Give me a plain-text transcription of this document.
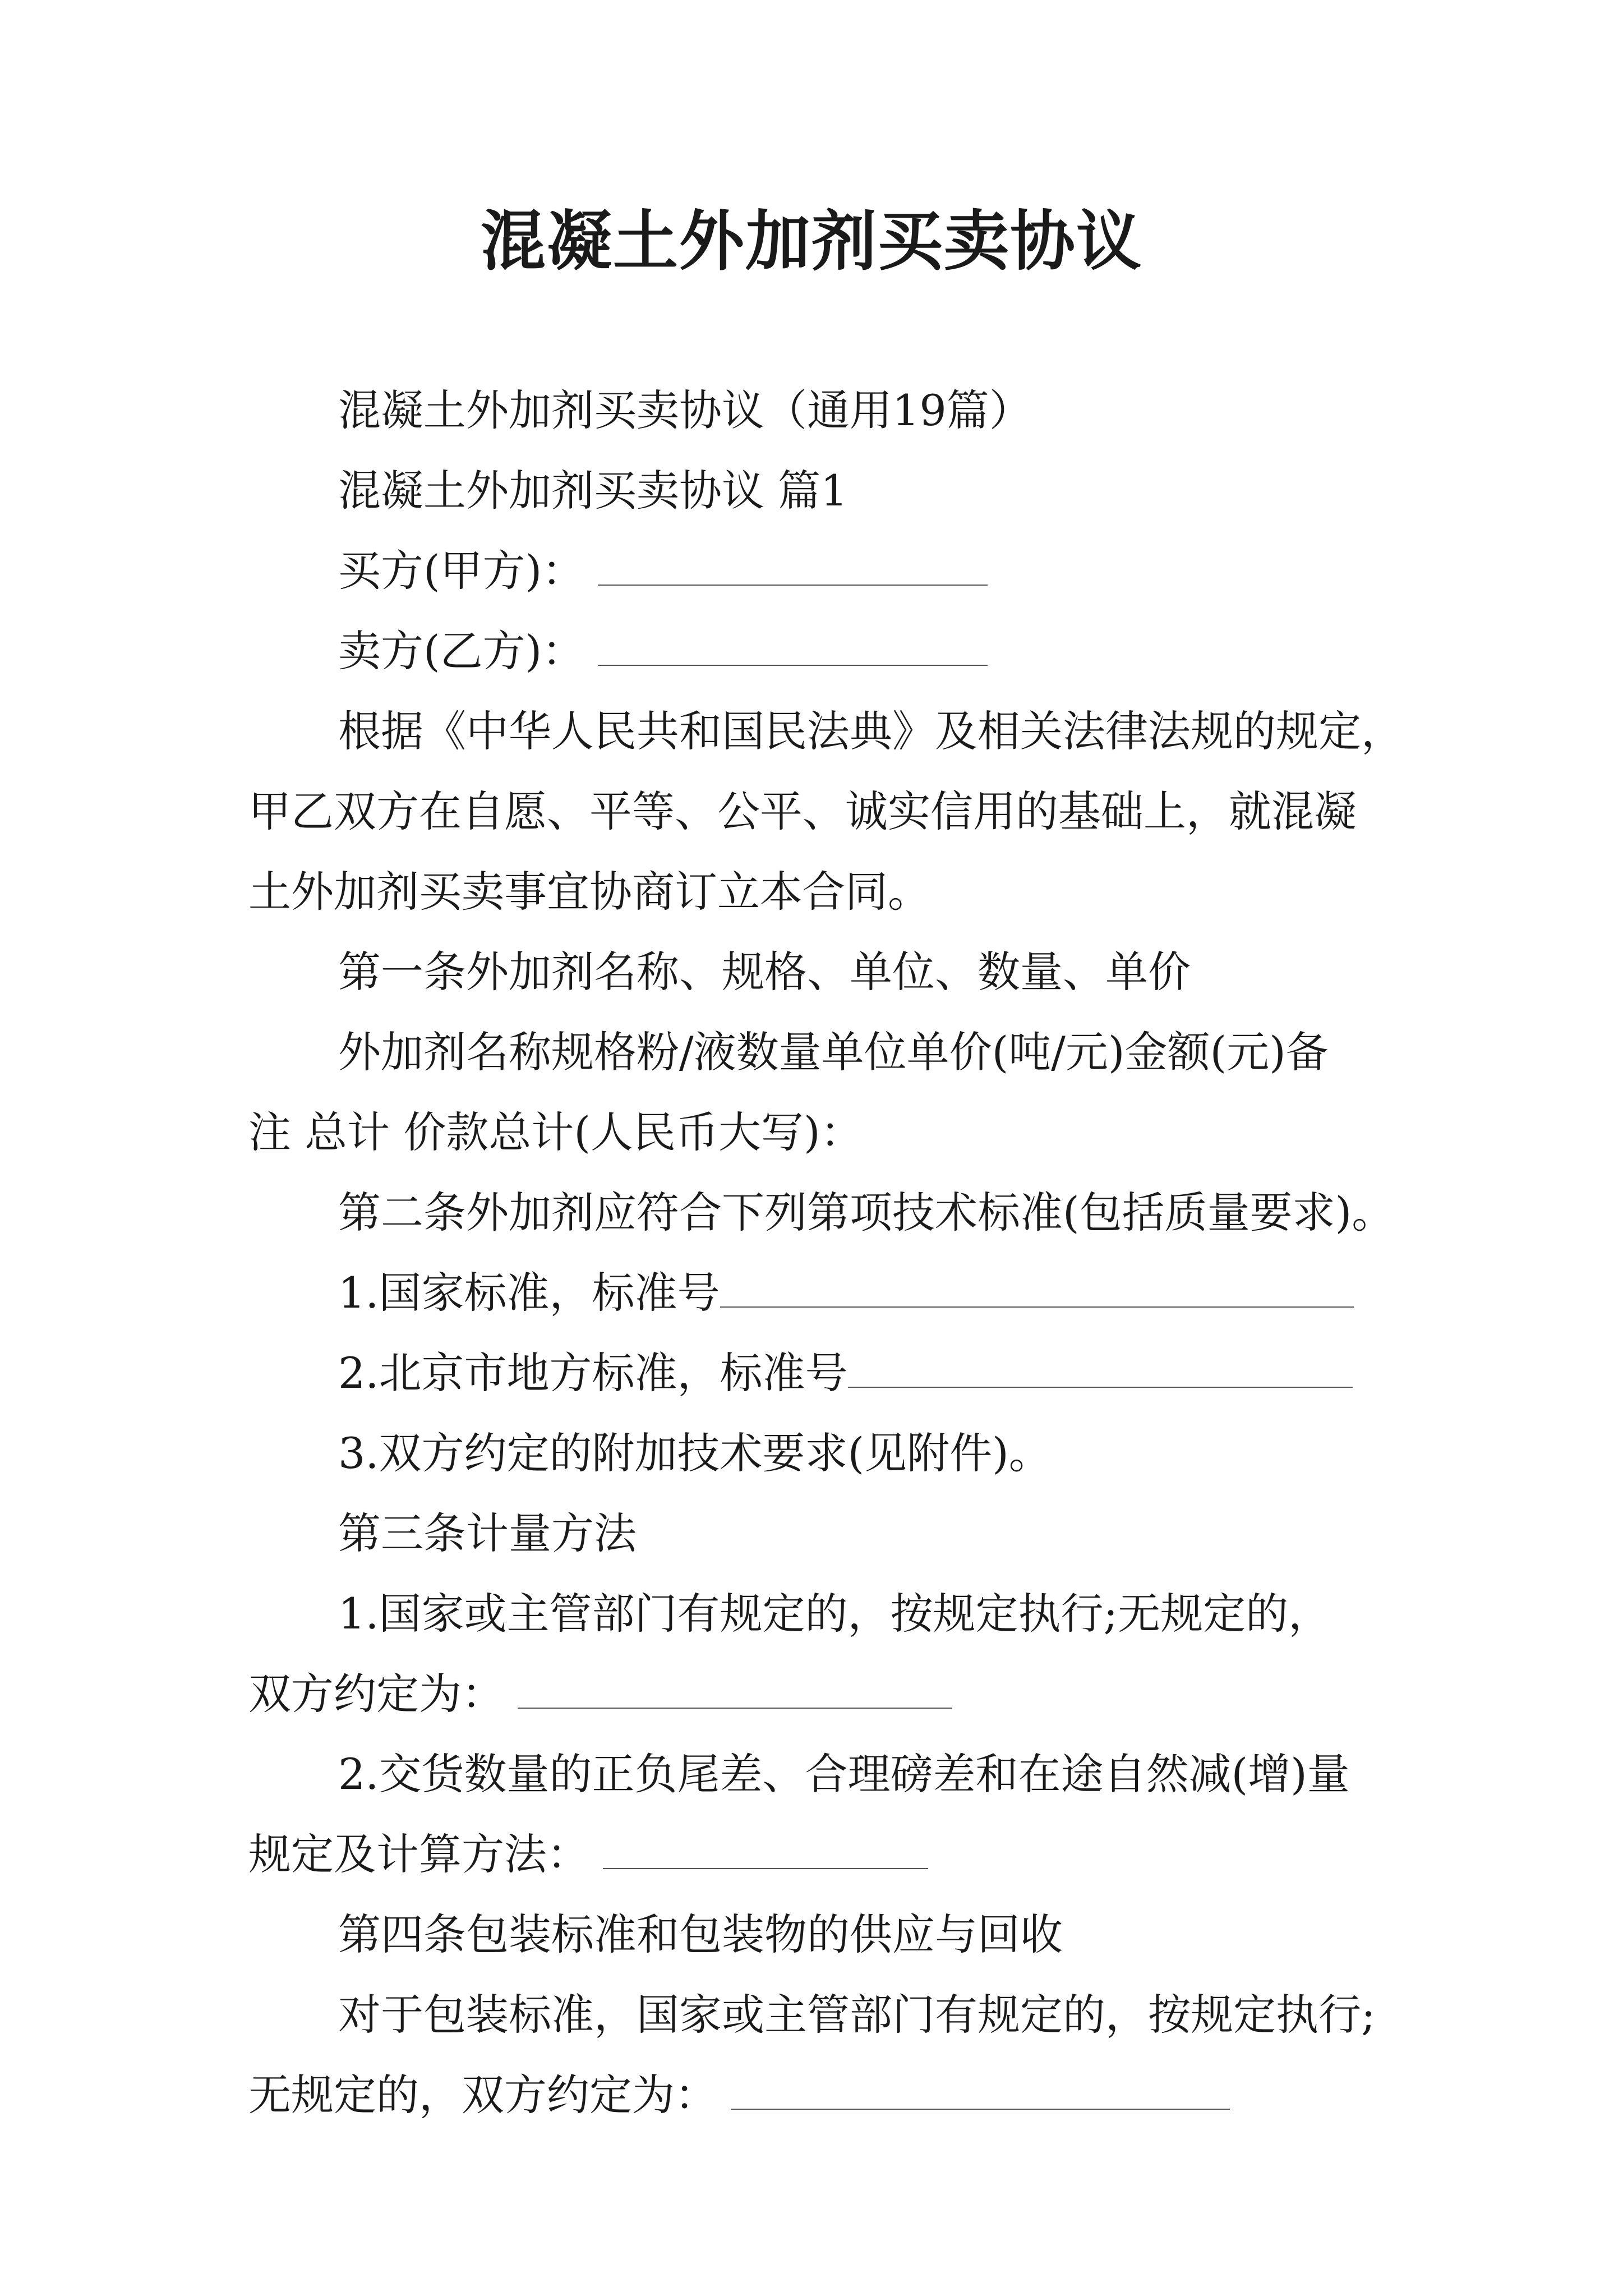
混凝土外加剂买卖协议

混凝土外加剂买卖协议（通用19篇）

混凝土外加剂买卖协议 篇1

买方(甲方)：

卖方(乙方)：

根据《中华人民共和国民法典》及相关法律法规的规定，

甲乙双方在自愿、平等、公平、诚实信用的基础上，就混凝

土外加剂买卖事宜协商订立本合同。

第一条外加剂名称、规格、单位、数量、单价

外加剂名称规格粉/液数量单位单价(吨/元)金额(元)备

注 总计 价款总计(人民币大写)：

第二条外加剂应符合下列第项技术标准(包括质量要求)。

1.国家标准，标准号

2.北京市地方标准，标准号

3.双方约定的附加技术要求(见附件)。

第三条计量方法

1.国家或主管部门有规定的，按规定执行;无规定的，

双方约定为：

2.交货数量的正负尾差、合理磅差和在途自然减(增)量

规定及计算方法：

第四条包装标准和包装物的供应与回收

对于包装标准，国家或主管部门有规定的，按规定执行;

无规定的，双方约定为：
